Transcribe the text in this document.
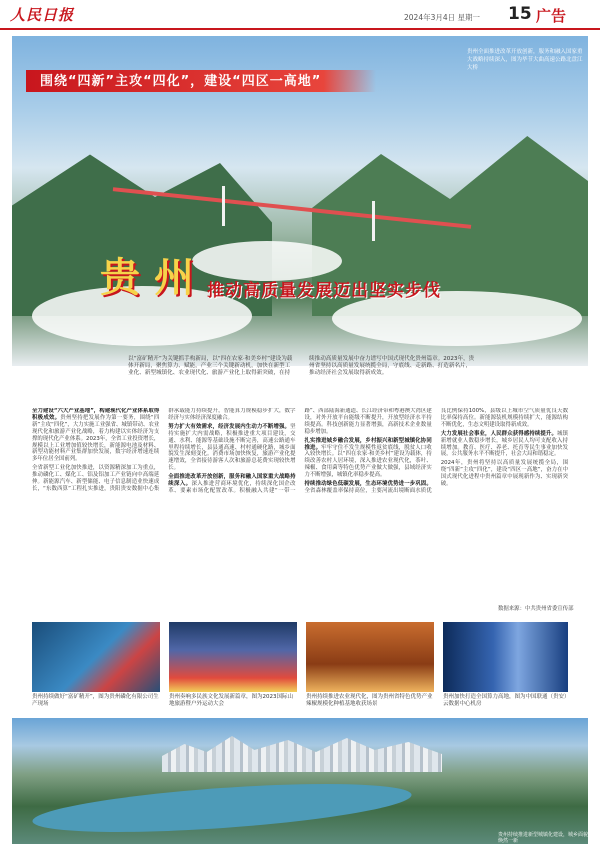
人民日报	2024年3月4日 星期一 15 广告
贵州全面推进改革开放创新，服务和融入国家重大战略持续深入，图为毕节大曲高速公路北盘江大桥
围绕“四新”主攻“四化”，建设“四区一高地”
贵州 推动高质量发展迈出坚实步伐
以“富矿精开”为关键抓手构新局，以“四在农家·和美乡村”建设为载体开新局，聚焦算力、赋能，产业三个关键新动机，加快在新型工业化、新型城镇化、农业现代化、旅游产业化上取得新突破，在持续推动高质量发展中奋力谱写中国式现代化贵州篇章。2023年，贵州省坚持以高质量发展统揽全局，守底线、走新路、打造新名片，推动经济社会发展取得新成效。

全力建设“六大产业基地”，构建现代化产业体系取得积极成效。贵州坚持把发展作为第一要务，围绕“四新”主攻“四化”，大力实施工业强省、城镇带动、农业现代化和旅游产业化战略，着力构建以实体经济为支撑的现代化产业体系。2023年，全省工业投资增长，规模以上工业增加值较快增长，新能源电池及材料、新型功能材料产业集群加快发展，数字经济增速连续多年位居全国前列。

全省新型工业化加快推进，以资源精深加工为重点，推动磷化工、煤化工、铝及铝加工产业链向中高端延伸。新能源汽车、新型储能、电子信息制造业快速成长，“东数西算”工程扎实推进，贵阳贵安数据中心集群承载能力持续提升，智能算力规模稳步扩大，数字经济与实体经济深度融合。

努力扩大有效需求，经济发展内生动力不断增强。坚持实施扩大内需战略，积极推进重大项目建设，交通、水利、能源等基础设施不断完善，高速公路通车里程持续增长，县县通高速、村村通硬化路，城乡面貌发生深刻变化。消费市场加快恢复，旅游产业化提速增效，全省接待游客人次和旅游总花费实现较快增长。

全面推进改革开放创新，服务和融入国家重大战略持续深入。深入推进营商环境优化，持续深化国企改革、要素市场化配置改革。积极融入共建“一带一路”、西部陆海新通道、长江经济带和粤港澳大湾区建设，对外开放平台能级不断提升，开放型经济水平持续提高。科技创新能力显著增强，高新技术企业数量稳步增加。

扎实推进城乡融合发展，乡村振兴和新型城镇化协同推进。牢牢守住不发生规模性返贫底线，脱贫人口收入较快增长。以“四在农家·和美乡村”建设为载体，持续改善农村人居环境，深入推进农业现代化，茶叶、辣椒、食用菌等特色优势产业做大做强，县域经济实力不断增强，城镇化率稳步提高。

持续推动绿色低碳发展，生态环境优势进一步巩固。全省森林覆盖率保持高位，主要河流出境断面水质优良比例保持100%，县级以上城市空气质量优良天数比率保持高位。新能源装机规模持续扩大，能源结构不断优化，生态文明建设取得新成效。

大力发展社会事业，人民群众获得感持续提升。城镇新增就业人数稳步增长，城乡居民人均可支配收入持续增加。教育、医疗、养老、托育等民生事业加快发展，公共服务水平不断提升，社会大局和谐稳定。

2024年，贵州将坚持以高质量发展统揽全局，围绕“四新”主攻“四化”，建设“四区一高地”，奋力在中国式现代化进程中贵州篇章中展现新作为、实现新突破。

数据来源：中共贵州省委宣传部
贵州持续做好“富矿精开”，图为贵州磷化有限公司生产现场
贵州奏响多民族文化发展新篇章，图为2023国际山地旅游暨户外运动大会
贵州持续推进农业现代化，图为贵州省特色优势产业辣椒规模化种植基地收获场景
贵州加快打造全国算力高地，图为中国联通（贵安）云数据中心机房
贵州持续推进新型城镇化建设，城乡面貌焕然一新
